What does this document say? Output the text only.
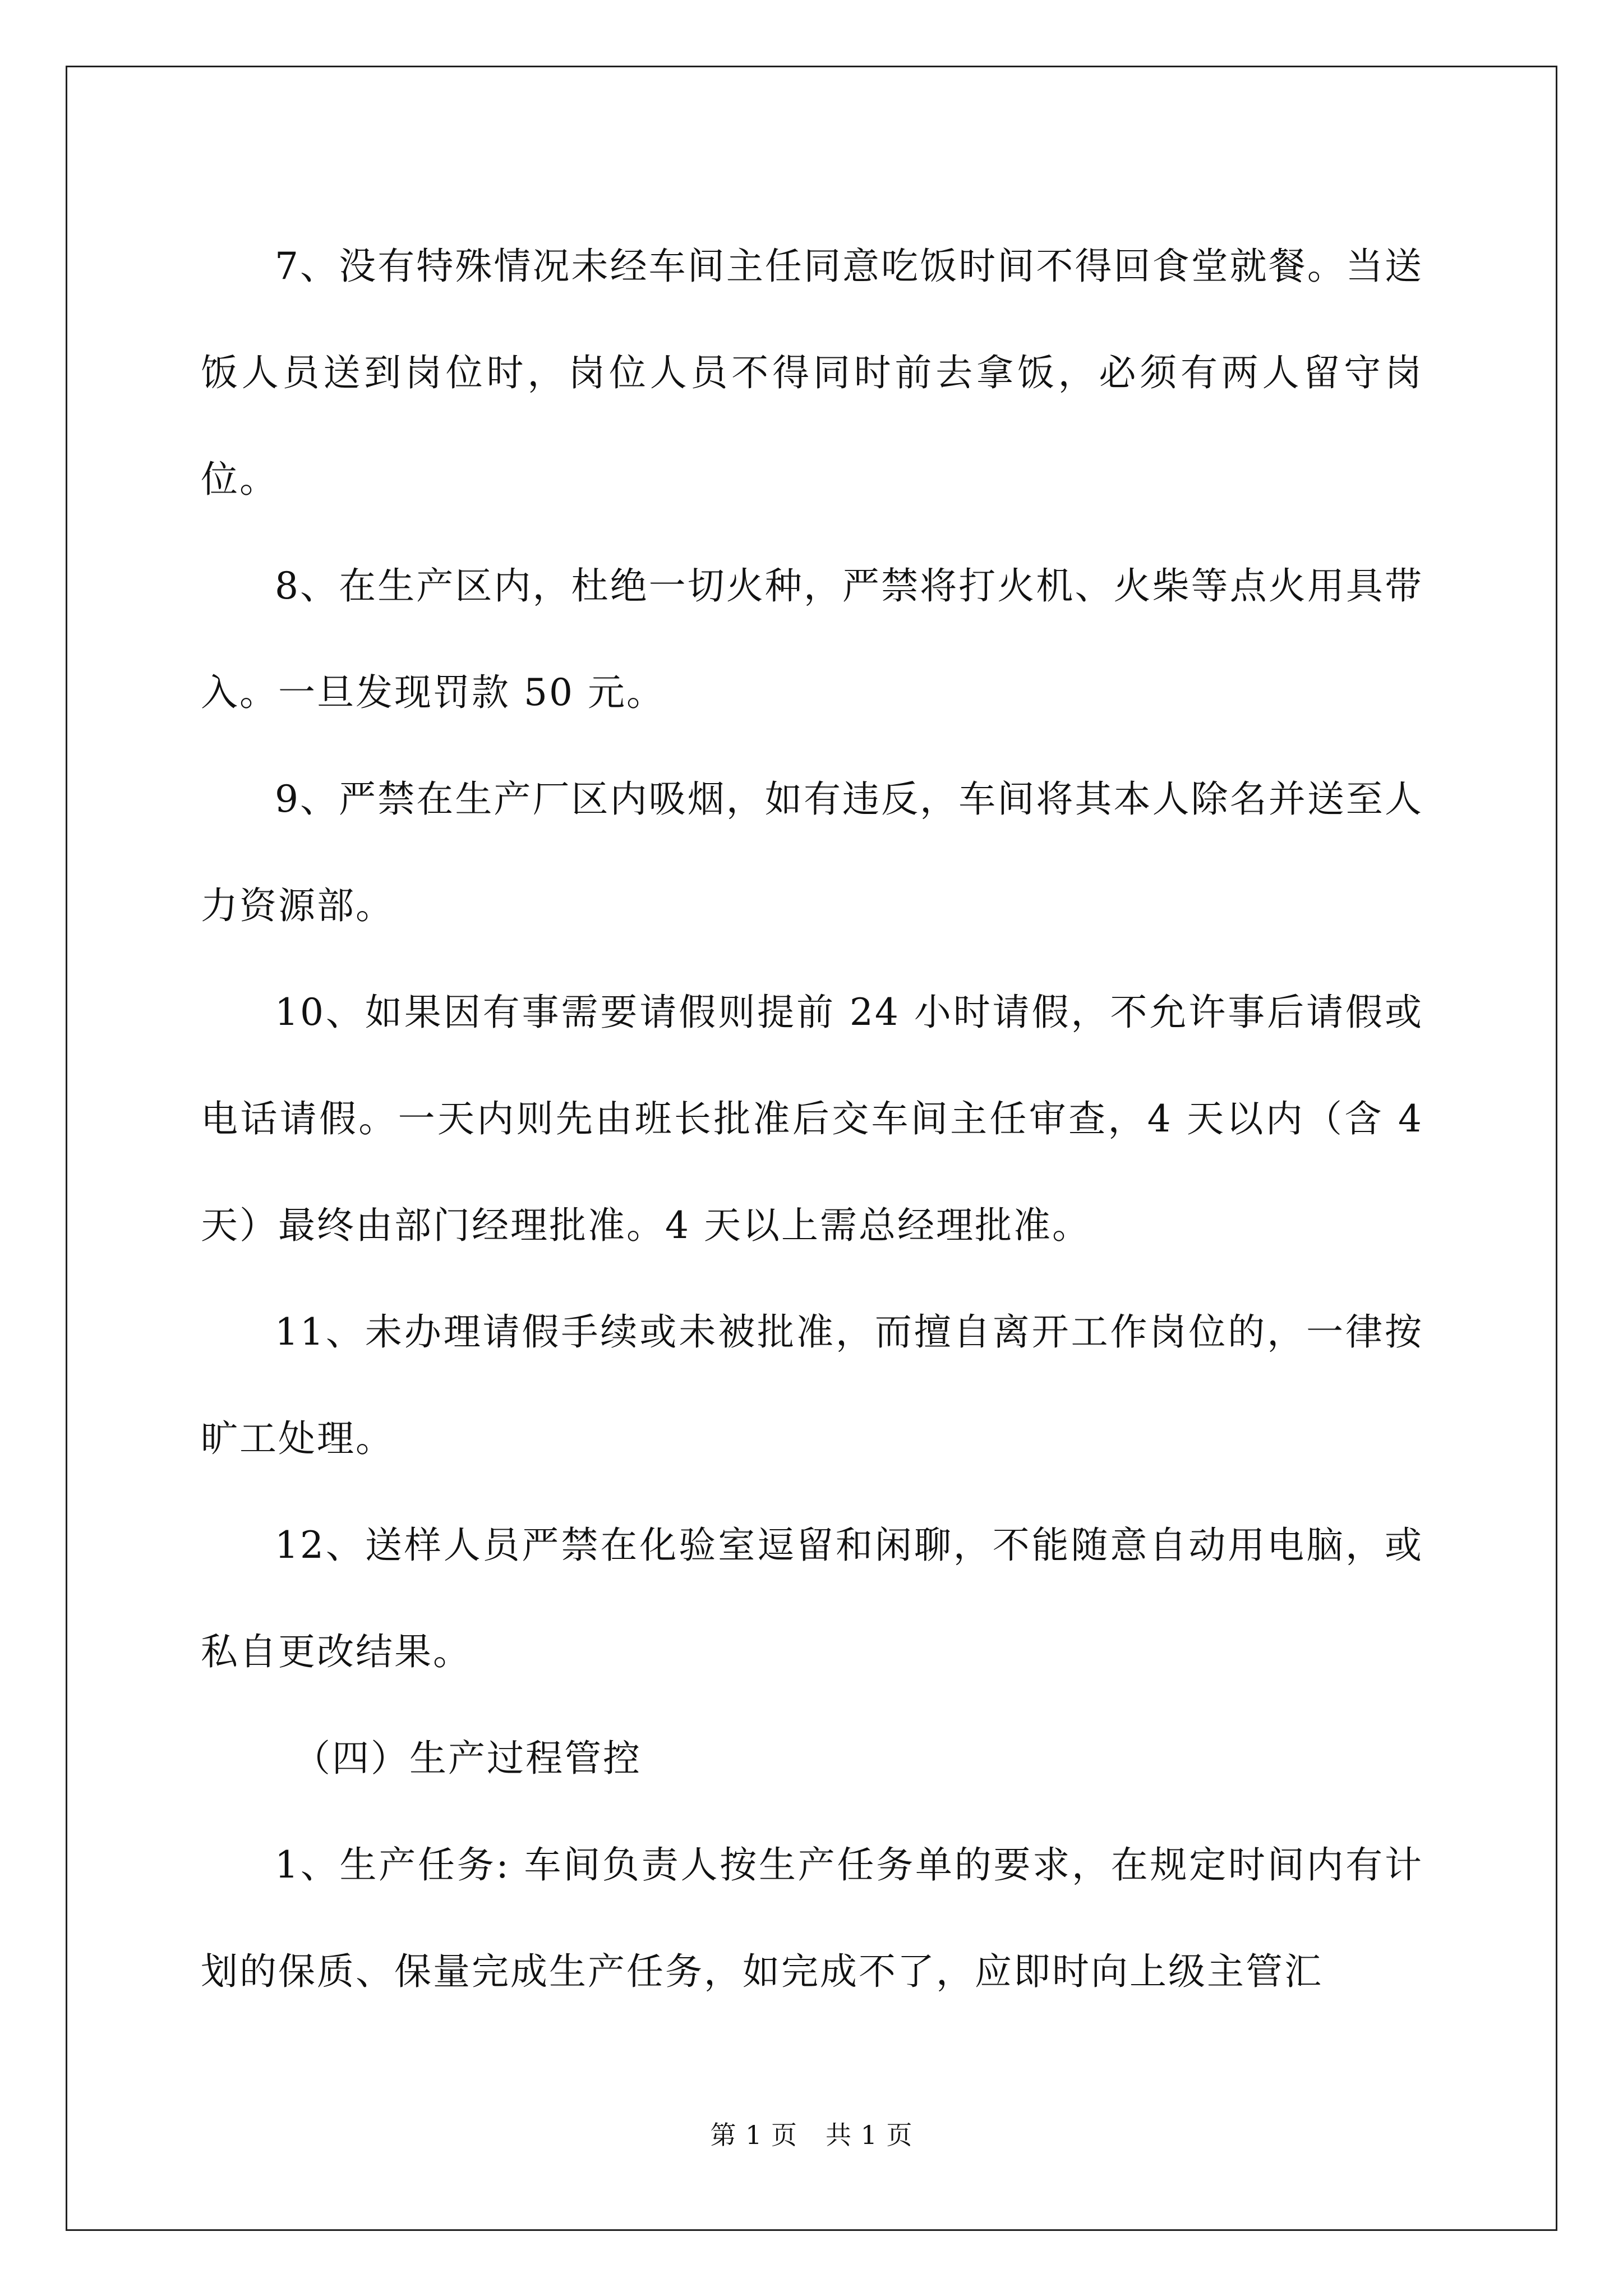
7、没有特殊情况未经车间主任同意吃饭时间不得回食堂就餐。当送饭人员送到岗位时，岗位人员不得同时前去拿饭，必须有两人留守岗位。

8、在生产区内，杜绝一切火种，严禁将打火机、火柴等点火用具带入。一旦发现罚款 50 元。

9、严禁在生产厂区内吸烟，如有违反，车间将其本人除名并送至人力资源部。

10、如果因有事需要请假则提前 24 小时请假，不允许事后请假或电话请假。一天内则先由班长批准后交车间主任审查，4 天以内（含 4 天）最终由部门经理批准。4 天以上需总经理批准。

11、未办理请假手续或未被批准，而擅自离开工作岗位的，一律按旷工处理。

12、送样人员严禁在化验室逗留和闲聊，不能随意自动用电脑，或私自更改结果。

（四）生产过程管控

1、生产任务: 车间负责人按生产任务单的要求，在规定时间内有计划的保质、保量完成生产任务，如完成不了，应即时向上级主管汇

第 1 页 共 1 页
